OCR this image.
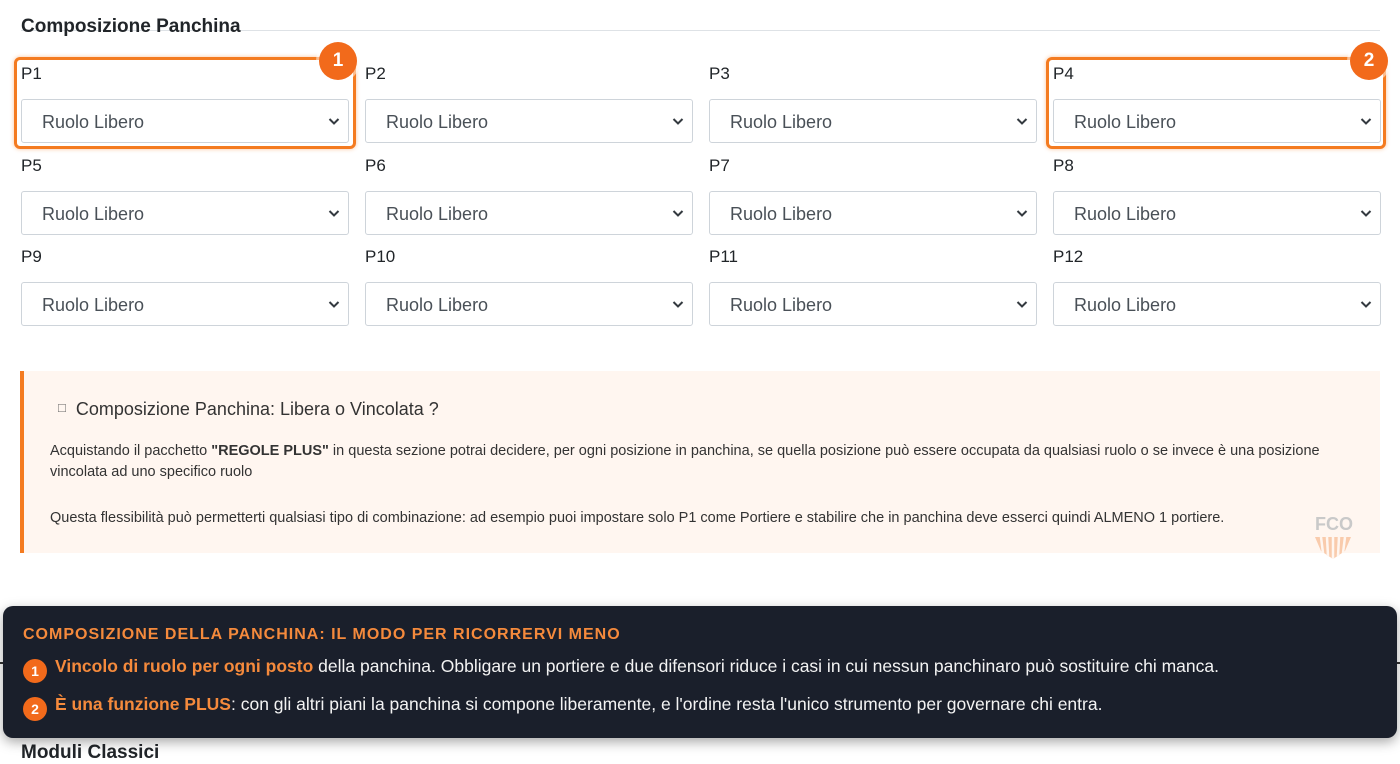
Composizione Panchina
P1
Ruolo Libero
P2
Ruolo Libero
P3
Ruolo Libero
P4
Ruolo Libero
P5
Ruolo Libero
P6
Ruolo Libero
P7
Ruolo Libero
P8
Ruolo Libero
P9
Ruolo Libero
P10
Ruolo Libero
P11
Ruolo Libero
P12
Ruolo Libero
1	2
□ Composizione Panchina: Libera o Vincolata ?

Acquistando il pacchetto "REGOLE PLUS" in questa sezione potrai decidere, per ogni posizione in panchina, se quella posizione può essere occupata da qualsiasi ruolo o se invece è una posizione vincolata ad uno specifico ruolo

Questa flessibilità può permetterti qualsiasi tipo di combinazione: ad esempio puoi impostare solo P1 come Portiere e stabilire che in panchina deve esserci quindi ALMENO 1 portiere.	FCO
Moduli Classici
COMPOSIZIONE DELLA PANCHINA: IL MODO PER RICORRERVI MENO
1 Vincolo di ruolo per ogni posto della panchina. Obbligare un portiere e due difensori riduce i casi in cui nessun panchinaro può sostituire chi manca.
2 È una funzione PLUS: con gli altri piani la panchina si compone liberamente, e l'ordine resta l'unico strumento per governare chi entra.
